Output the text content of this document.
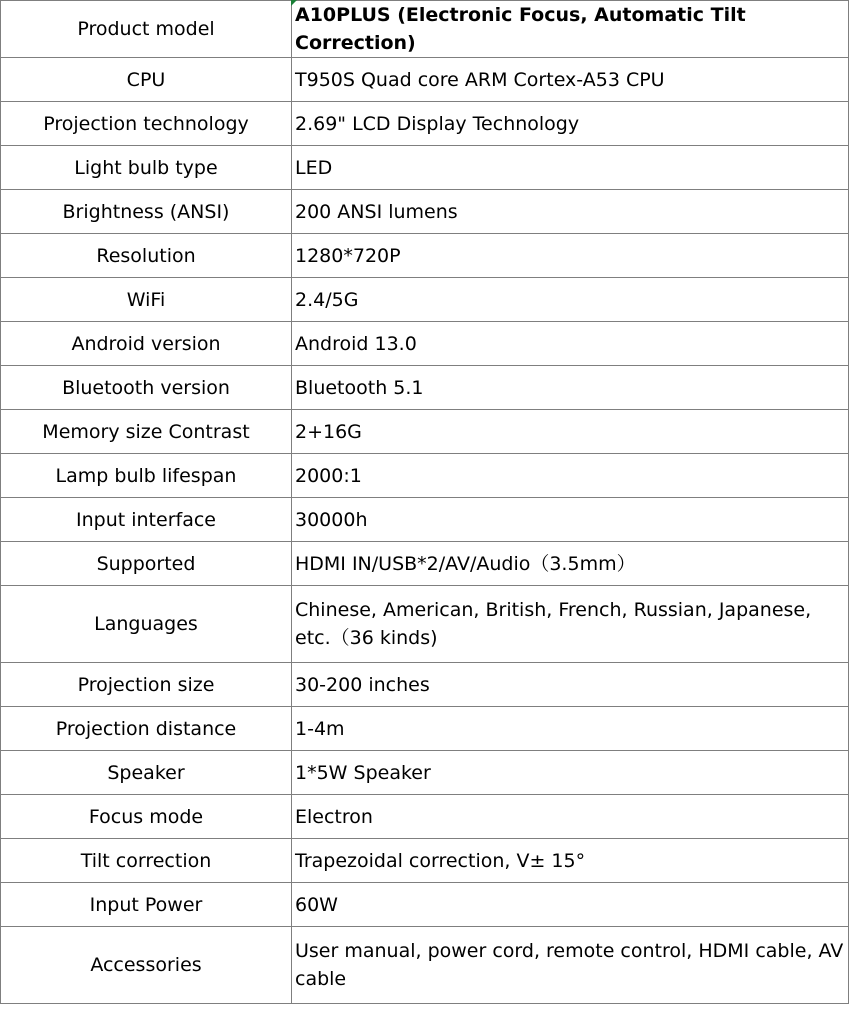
Product model	A10PLUS (Electronic Focus, Automatic Tilt Correction)
CPU	T950S Quad core ARM Cortex-A53 CPU
Projection technology	2.69" LCD Display Technology
Light bulb type	LED
Brightness (ANSI)	200 ANSI lumens
Resolution	1280*720P
WiFi	2.4/5G
Android version	Android 13.0
Bluetooth version	Bluetooth 5.1
Memory size Contrast	2+16G
Lamp bulb lifespan	2000:1
Input interface	30000h
Supported	HDMI IN/USB*2/AV/Audio（3.5mm）
Languages	Chinese, American, British, French, Russian, Japanese, etc.（36 kinds)
Projection size	30-200 inches
Projection distance	1-4m
Speaker	1*5W Speaker
Focus mode	Electron
Tilt correction	Trapezoidal correction, V± 15°
Input Power	60W
Accessories	User manual, power cord, remote control, HDMI cable, AV cable
